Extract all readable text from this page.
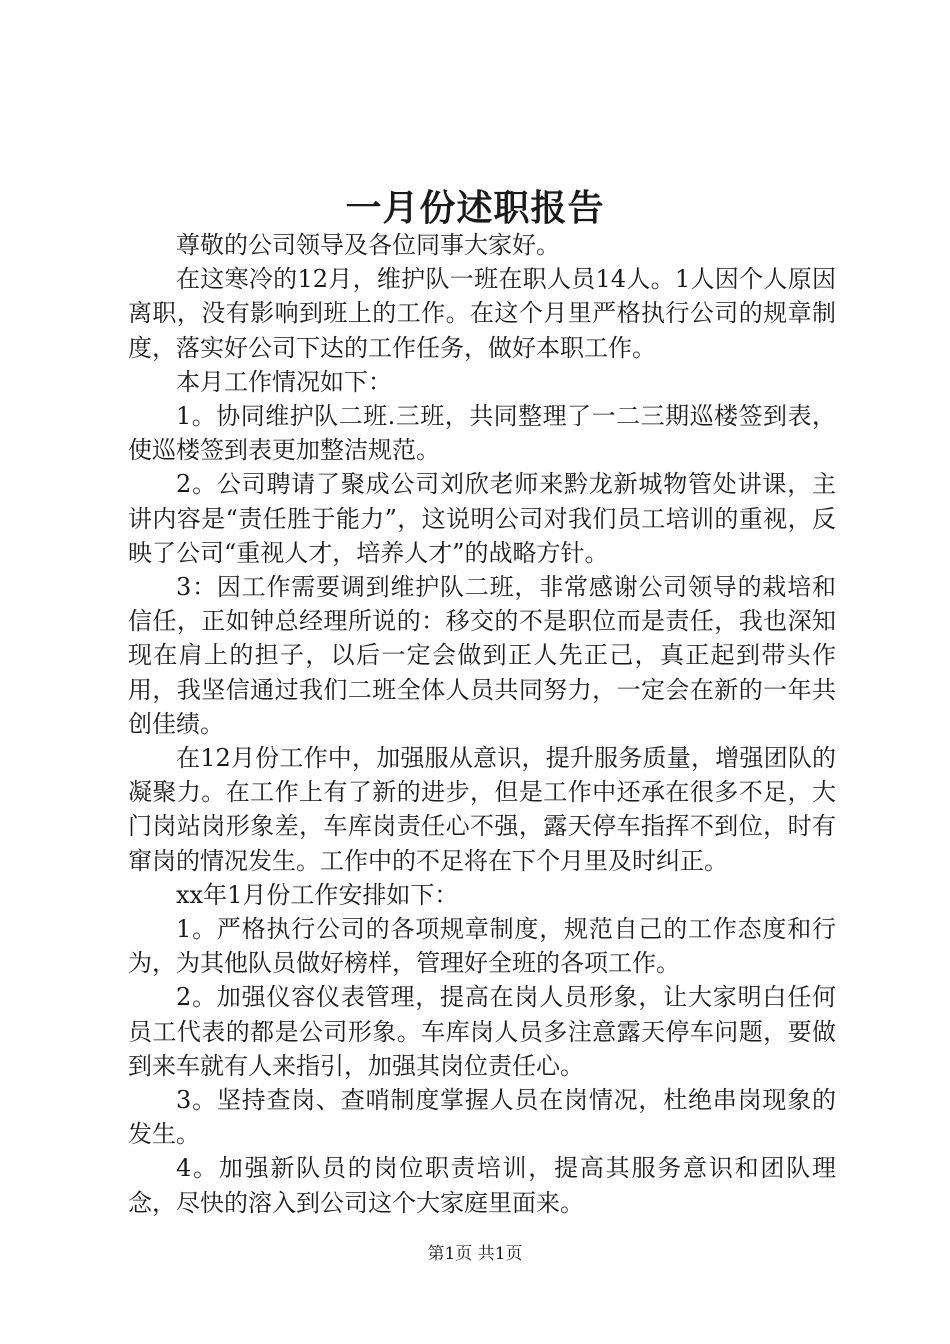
一月份述职报告

尊敬的公司领导及各位同事大家好。

在这寒冷的12月，维护队一班在职人员14人。1人因个人原因离职，没有影响到班上的工作。在这个月里严格执行公司的规章制度，落实好公司下达的工作任务，做好本职工作。

本月工作情况如下：

1。协同维护队二班.三班，共同整理了一二三期巡楼签到表，使巡楼签到表更加整洁规范。

2。公司聘请了聚成公司刘欣老师来黔龙新城物管处讲课，主讲内容是“责任胜于能力”，这说明公司对我们员工培训的重视，反映了公司“重视人才，培养人才”的战略方针。

3：因工作需要调到维护队二班，非常感谢公司领导的栽培和信任，正如钟总经理所说的：移交的不是职位而是责任，我也深知现在肩上的担子，以后一定会做到正人先正己，真正起到带头作用，我坚信通过我们二班全体人员共同努力，一定会在新的一年共创佳绩。

在12月份工作中，加强服从意识，提升服务质量，增强团队的凝聚力。在工作上有了新的进步，但是工作中还承在很多不足，大门岗站岗形象差，车库岗责任心不强，露天停车指挥不到位，时有窜岗的情况发生。工作中的不足将在下个月里及时纠正。

xx年1月份工作安排如下：

1。严格执行公司的各项规章制度，规范自己的工作态度和行为，为其他队员做好榜样，管理好全班的各项工作。

2。加强仪容仪表管理，提高在岗人员形象，让大家明白任何员工代表的都是公司形象。车库岗人员多注意露天停车问题，要做到来车就有人来指引，加强其岗位责任心。

3。坚持查岗、查哨制度掌握人员在岗情况，杜绝串岗现象的发生。

4。加强新队员的岗位职责培训，提高其服务意识和团队理念，尽快的溶入到公司这个大家庭里面来。

第1页 共1页
